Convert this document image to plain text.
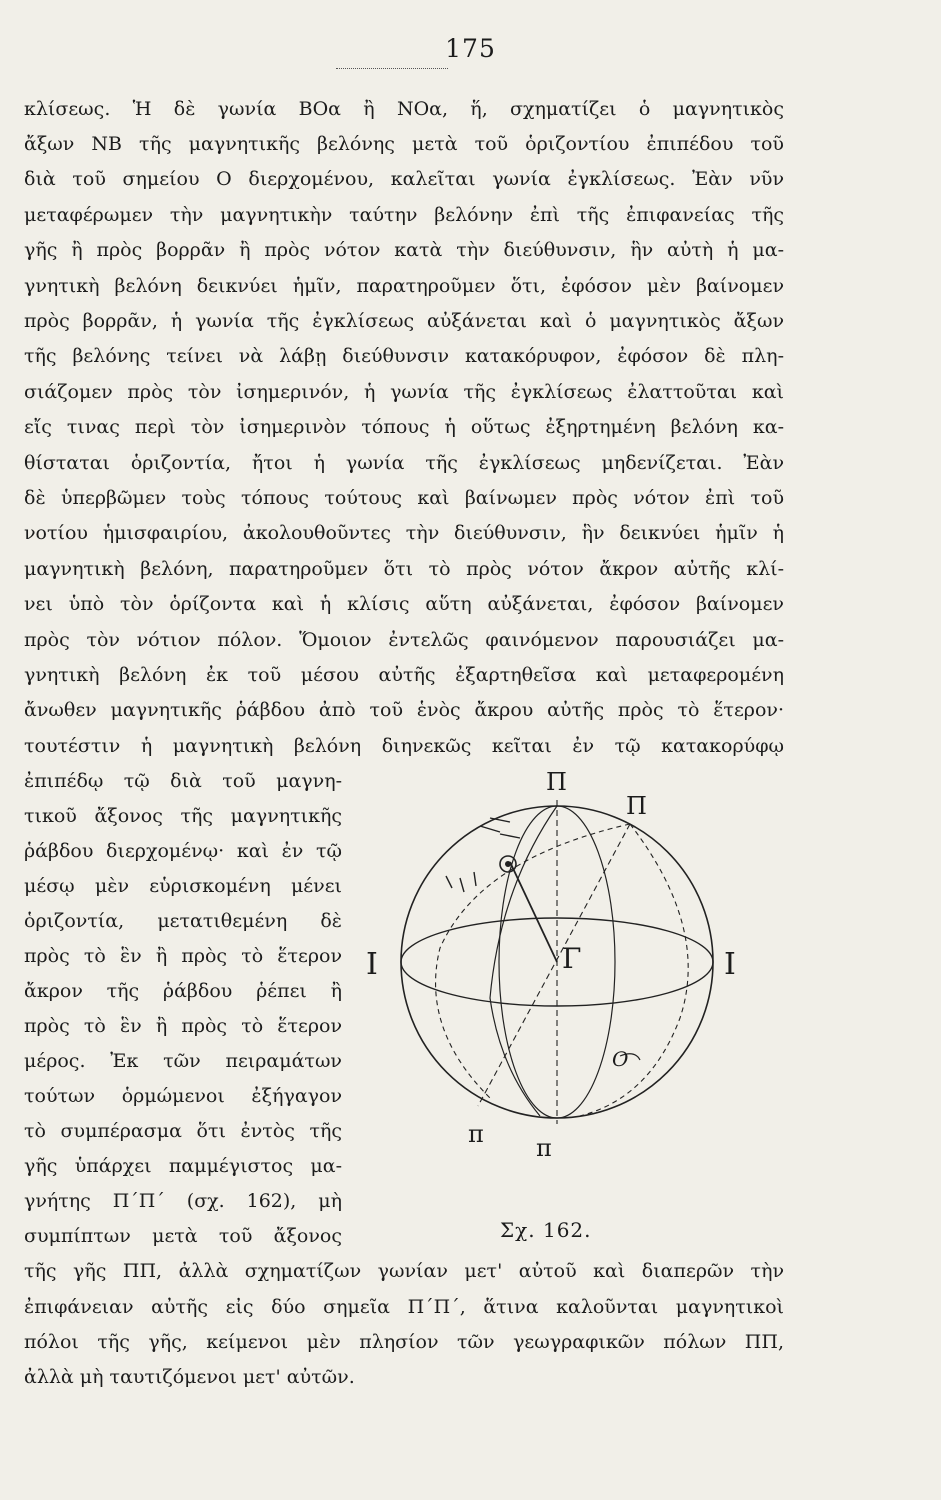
175
κλίσεως. Ἡ δὲ γωνία ΒΟα ἢ ΝΟα, ἥ, σχηματίζει ὁ μαγνητικὸς
ἄξων ΝΒ τῆς μαγνητικῆς βελόνης μετὰ τοῦ ὁριζοντίου ἐπιπέδου τοῦ
διὰ τοῦ σημείου Ο διερχομένου, καλεῖται γωνία ἐγκλίσεως. Ἐὰν νῦν
μεταφέρωμεν τὴν μαγνητικὴν ταύτην βελόνην ἐπὶ τῆς ἐπιφανείας τῆς
γῆς ἢ πρὸς βορρᾶν ἢ πρὸς νότον κατὰ τὴν διεύθυνσιν, ἣν αὐτὴ ἡ μα-
γνητικὴ βελόνη δεικνύει ἡμῖν, παρατηροῦμεν ὅτι, ἐφόσον μὲν βαίνομεν
πρὸς βορρᾶν, ἡ γωνία τῆς ἐγκλίσεως αὐξάνεται καὶ ὁ μαγνητικὸς ἄξων
τῆς βελόνης τείνει νὰ λάβῃ διεύθυνσιν κατακόρυφον, ἐφόσον δὲ πλη-
σιάζομεν πρὸς τὸν ἰσημερινόν, ἡ γωνία τῆς ἐγκλίσεως ἐλαττοῦται καὶ
εἴς τινας περὶ τὸν ἰσημερινὸν τόπους ἡ οὕτως ἐξηρτημένη βελόνη κα-
θίσταται ὁριζοντία, ἤτοι ἡ γωνία τῆς ἐγκλίσεως μηδενίζεται. Ἐὰν
δὲ ὑπερβῶμεν τοὺς τόπους τούτους καὶ βαίνωμεν πρὸς νότον ἐπὶ τοῦ
νοτίου ἡμισφαιρίου, ἀκολουθοῦντες τὴν διεύθυνσιν, ἣν δεικνύει ἡμῖν ἡ
μαγνητικὴ βελόνη, παρατηροῦμεν ὅτι τὸ πρὸς νότον ἄκρον αὐτῆς κλί-
νει ὑπὸ τὸν ὁρίζοντα καὶ ἡ κλίσις αὕτη αὐξάνεται, ἐφόσον βαίνομεν
πρὸς τὸν νότιον πόλον. Ὅμοιον ἐντελῶς φαινόμενον παρουσιάζει μα-
γνητικὴ βελόνη ἐκ τοῦ μέσου αὐτῆς ἐξαρτηθεῖσα καὶ μεταφερομένη
ἄνωθεν μαγνητικῆς ῥάβδου ἀπὸ τοῦ ἑνὸς ἄκρου αὐτῆς πρὸς τὸ ἕτερον·
τουτέστιν ἡ μαγνητικὴ βελόνη διηνεκῶς κεῖται ἐν τῷ κατακορύφῳ
ἐπιπέδῳ τῷ διὰ τοῦ μαγνη-
τικοῦ ἄξονος τῆς μαγνητικῆς
ῥάβδου διερχομένῳ· καὶ ἐν τῷ
μέσῳ μὲν εὑρισκομένη μένει
ὁριζοντία, μετατιθεμένη δὲ
πρὸς τὸ ἓν ἢ πρὸς τὸ ἕτερον
ἄκρον τῆς ῥάβδου ῥέπει ἢ
πρὸς τὸ ἓν ἢ πρὸς τὸ ἕτερον
μέρος. Ἐκ τῶν πειραμάτων
τούτων ὁρμώμενοι ἐξήγαγον
τὸ συμπέρασμα ὅτι ἐντὸς τῆς
γῆς ὑπάρχει παμμέγιστος μα-
γνήτης Π΄Π΄ (σχ. 162), μὴ
συμπίπτων μετὰ τοῦ ἄξονος
τῆς γῆς ΠΠ, ἀλλὰ σχηματίζων γωνίαν μετ' αὐτοῦ καὶ διαπερῶν τὴν
ἐπιφάνειαν αὐτῆς εἰς δύο σημεῖα Π΄Π΄, ἅτινα καλοῦνται μαγνητικοὶ
πόλοι τῆς γῆς, κείμενοι μὲν πλησίον τῶν γεωγραφικῶν πόλων ΠΠ,
ἀλλὰ μὴ ταυτιζόμενοι μετ' αὐτῶν.
Π
Π
Ι	Ι
Γ
Ο
π π
Σχ. 162.
